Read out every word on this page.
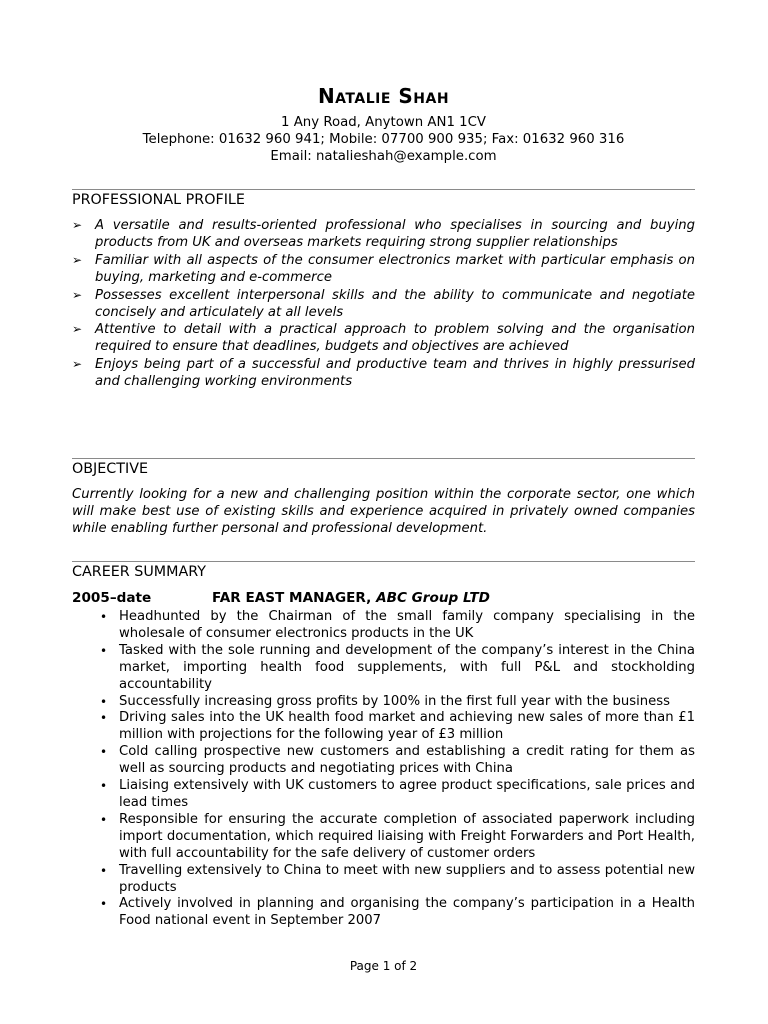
Natalie Shah
1 Any Road, Anytown AN1 1CV
Telephone: 01632 960 941; Mobile: 07700 900 935; Fax: 01632 960 316
Email: natalieshah@example.com
PROFESSIONAL PROFILE
➢ A versatile and results-oriented professional who specialises in sourcing and buying products from UK and overseas markets requiring strong supplier relationships
➢ Familiar with all aspects of the consumer electronics market with particular emphasis on buying, marketing and e-commerce
➢ Possesses excellent interpersonal skills and the ability to communicate and negotiate concisely and articulately at all levels
➢ Attentive to detail with a practical approach to problem solving and the organisation required to ensure that deadlines, budgets and objectives are achieved
➢ Enjoys being part of a successful and productive team and thrives in highly pressurised and challenging working environments
OBJECTIVE
Currently looking for a new and challenging position within the corporate sector, one which will make best use of existing skills and experience acquired in privately owned companies while enabling further personal and professional development.
CAREER SUMMARY
2005–date	FAR EAST MANAGER, ABC Group LTD
• Headhunted by the Chairman of the small family company specialising in the wholesale of consumer electronics products in the UK
• Tasked with the sole running and development of the company’s interest in the China market, importing health food supplements, with full P&L and stockholding accountability
• Successfully increasing gross profits by 100% in the first full year with the business
• Driving sales into the UK health food market and achieving new sales of more than £1 million with projections for the following year of £3 million
• Cold calling prospective new customers and establishing a credit rating for them as well as sourcing products and negotiating prices with China
• Liaising extensively with UK customers to agree product specifications, sale prices and lead times
• Responsible for ensuring the accurate completion of associated paperwork including import documentation, which required liaising with Freight Forwarders and Port Health, with full accountability for the safe delivery of customer orders
• Travelling extensively to China to meet with new suppliers and to assess potential new products
• Actively involved in planning and organising the company’s participation in a Health Food national event in September 2007
Page 1 of 2
